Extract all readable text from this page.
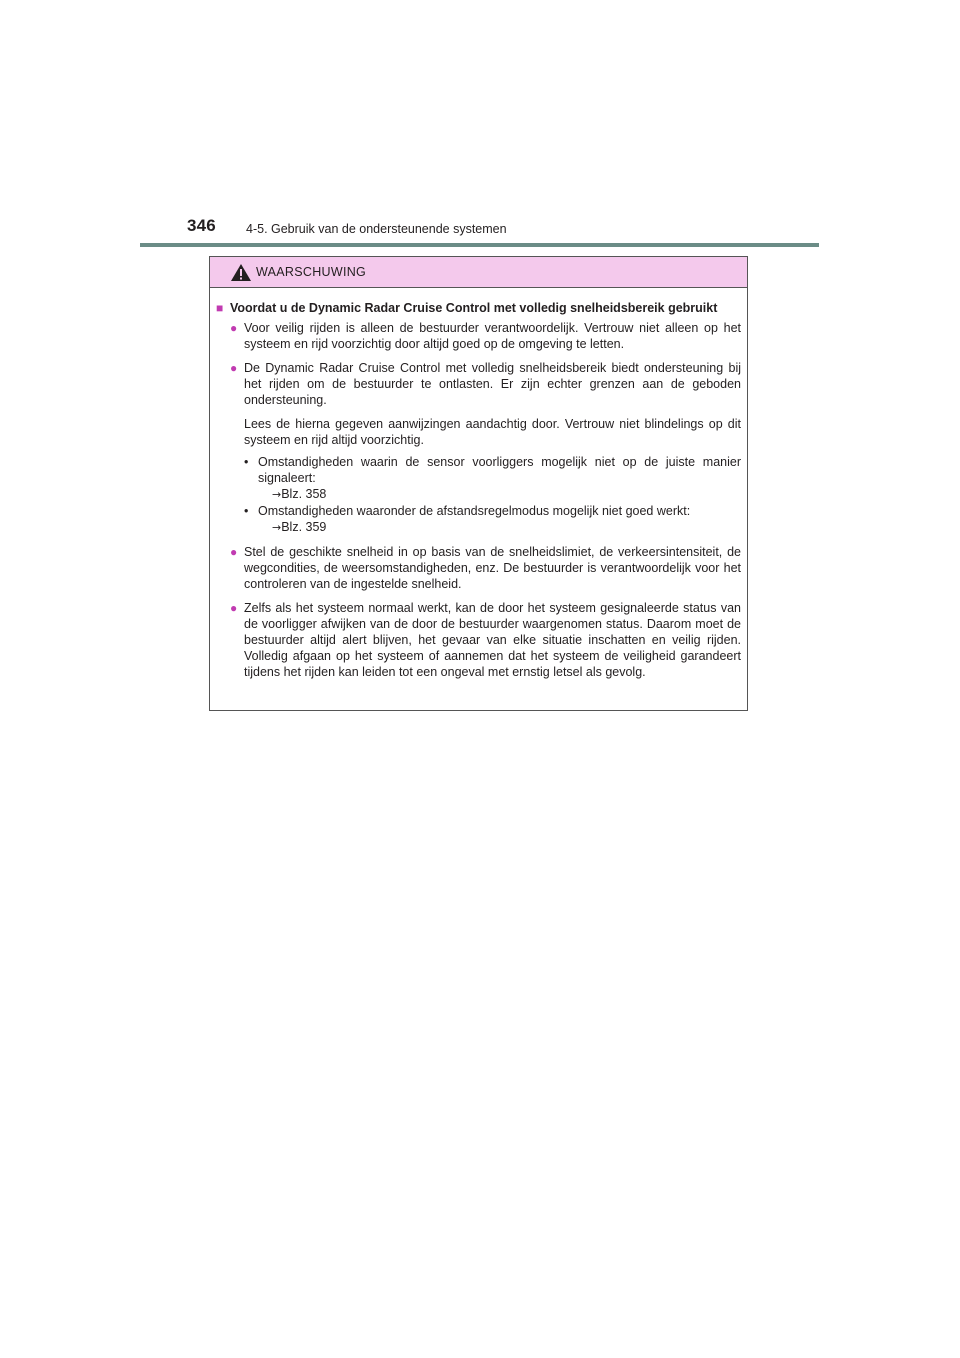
346 4-5. Gebruik van de ondersteunende systemen
WAARSCHUWING
■ Voordat u de Dynamic Radar Cruise Control met volledig snelheidsbereik gebruikt
● Voor veilig rijden is alleen de bestuurder verantwoordelijk. Vertrouw niet alleen op het systeem en rijd voorzichtig door altijd goed op de omgeving te letten.
● De Dynamic Radar Cruise Control met volledig snelheidsbereik biedt ondersteuning bij het rijden om de bestuurder te ontlasten. Er zijn echter grenzen aan de geboden ondersteuning.
Lees de hierna gegeven aanwijzingen aandachtig door. Vertrouw niet blindelings op dit systeem en rijd altijd voorzichtig.
• Omstandigheden waarin de sensor voorliggers mogelijk niet op de juiste manier signaleert:
→Blz. 358
• Omstandigheden waaronder de afstandsregelmodus mogelijk niet goed werkt:
→Blz. 359
● Stel de geschikte snelheid in op basis van de snelheidslimiet, de verkeersintensiteit, de wegcondities, de weersomstandigheden, enz. De bestuurder is verantwoordelijk voor het controleren van de ingestelde snelheid.
● Zelfs als het systeem normaal werkt, kan de door het systeem gesignaleerde status van de voorligger afwijken van de door de bestuurder waargenomen status. Daarom moet de bestuurder altijd alert blijven, het gevaar van elke situatie inschatten en veilig rijden. Volledig afgaan op het systeem of aannemen dat het systeem de veiligheid garandeert tijdens het rijden kan leiden tot een ongeval met ernstig letsel als gevolg.
